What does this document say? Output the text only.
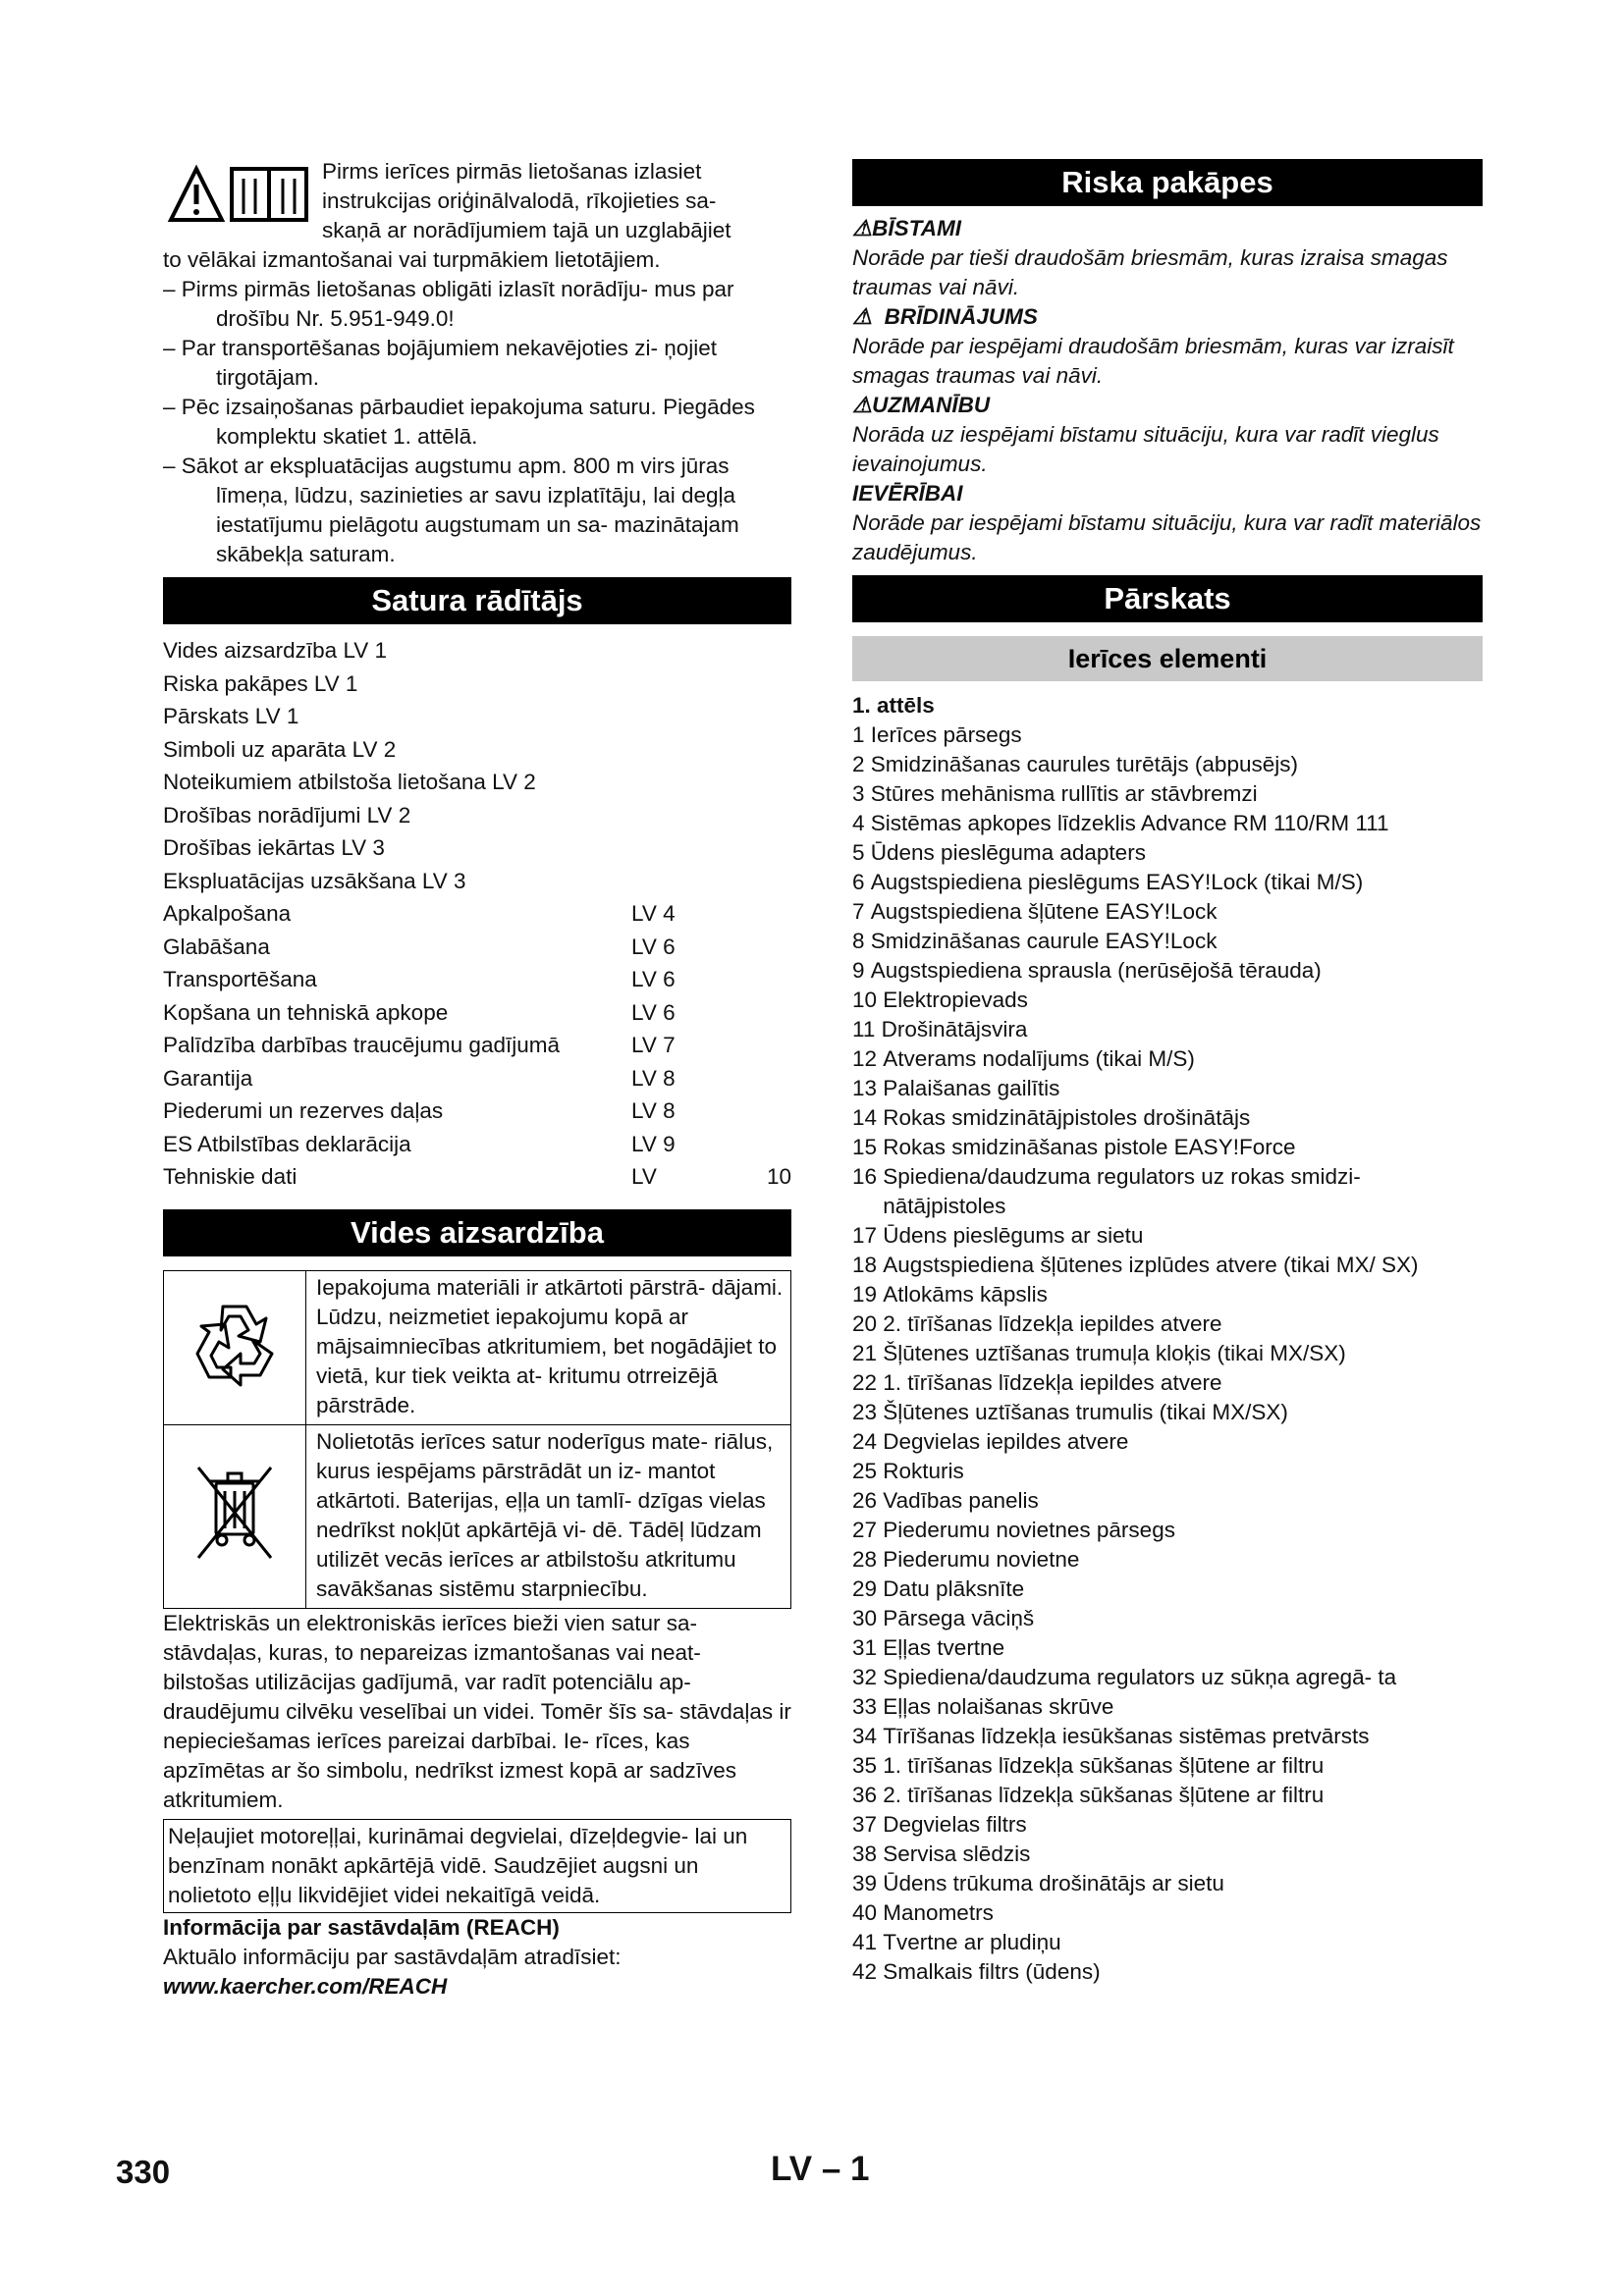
Pirms ierīces pirmās lietošanas izlasiet

instrukcijas oriģinālvalodā, rīkojieties sa-

skaņā ar norādījumiem tajā un uzglabājiet

to vēlākai izmantošanai vai turpmākiem lietotājiem.

– Pirms pirmās lietošanas obligāti izlasīt norādīju- mus par drošību Nr. 5.951-949.0!

– Par transportēšanas bojājumiem nekavējoties zi- ņojiet tirgotājam.

– Pēc izsaiņošanas pārbaudiet iepakojuma saturu. Piegādes komplektu skatiet 1. attēlā.

– Sākot ar ekspluatācijas augstumu apm. 800 m virs jūras līmeņa, lūdzu, sazinieties ar savu izplatītāju, lai degļa iestatījumu pielāgotu augstumam un sa- mazinātajam skābekļa saturam.

Satura rādītājs
Vides aizsardzība LV 1
Riska pakāpes LV 1
Pārskats LV 1
Simboli uz aparāta LV 2
Noteikumiem atbilstoša lietošana LV 2
Drošības norādījumi LV 2
Drošības iekārtas LV 3
Ekspluatācijas uzsākšana LV 3
Apkalpošana	LV 4
Glabāšana	LV 6
Transportēšana	LV 6
Kopšana un tehniskā apkope	LV 6
Palīdzība darbības traucējumu gadījumā	LV 7
Garantija	LV 8
Piederumi un rezerves daļas	LV 8
ES Atbilstības deklarācija	LV 9
Tehniskie dati	LV	10
Vides aizsardzība
	Iepakojuma materiāli ir atkārtoti pārstrā- dājami. Lūdzu, neizmetiet iepakojumu kopā ar mājsaimniecības atkritumiem, bet nogādājiet to vietā, kur tiek veikta at- kritumu otrreizējā pārstrāde.
	Nolietotās ierīces satur noderīgus mate- riālus, kurus iespējams pārstrādāt un iz- mantot atkārtoti. Baterijas, eļļa un tamlī- dzīgas vielas nedrīkst nokļūt apkārtējā vi- dē. Tādēļ lūdzam utilizēt vecās ierīces ar atbilstošu atkritumu savākšanas sistēmu starpniecību.

Elektriskās un elektroniskās ierīces bieži vien satur sa- stāvdaļas, kuras, to nepareizas izmantošanas vai neat- bilstošas utilizācijas gadījumā, var radīt potenciālu ap- draudējumu cilvēku veselībai un videi. Tomēr šīs sa- stāvdaļas ir nepieciešamas ierīces pareizai darbībai. Ie- rīces, kas apzīmētas ar šo simbolu, nedrīkst izmest kopā ar sadzīves atkritumiem.

Neļaujiet motoreļļai, kurināmai degvielai, dīzeļdegvie- lai un benzīnam nonākt apkārtējā vidē. Saudzējiet augsni un nolietoto eļļu likvidējiet videi nekaitīgā veidā.

Informācija par sastāvdaļām (REACH)

Aktuālo informāciju par sastāvdaļām atradīsiet:

www.kaercher.com/REACH

Riska pakāpes
⚠BĪSTAMI
Norāde par tieši draudošām briesmām, kuras izraisa smagas traumas vai nāvi.
⚠  BRĪDINĀJUMS
Norāde par iespējami draudošām briesmām, kuras var izraisīt smagas traumas vai nāvi.
⚠UZMANĪBU
Norāda uz iespējami bīstamu situāciju, kura var radīt vieglus ievainojumus.
IEVĒRĪBAI
Norāde par iespējami bīstamu situāciju, kura var radīt materiālos zaudējumus.
Pārskats
Ierīces elementi
1. attēls
1 Ierīces pārsegs
2 Smidzināšanas caurules turētājs (abpusējs)
3 Stūres mehānisma rullītis ar stāvbremzi
4 Sistēmas apkopes līdzeklis Advance RM 110/RM 111
5 Ūdens pieslēguma adapters
6 Augstspiediena pieslēgums EASY!Lock (tikai M/S)
7 Augstspiediena šļūtene EASY!Lock
8 Smidzināšanas caurule EASY!Lock
9 Augstspiediena sprausla (nerūsējošā tērauda)
10 Elektropievads
11 Drošinātājsvira
12 Atverams nodalījums (tikai M/S)
13 Palaišanas gailītis
14 Rokas smidzinātājpistoles drošinātājs
15 Rokas smidzināšanas pistole EASY!Force
16 Spiediena/daudzuma regulators uz rokas smidzi- nātājpistoles
17 Ūdens pieslēgums ar sietu
18 Augstspiediena šļūtenes izplūdes atvere (tikai MX/ SX)
19 Atlokāms kāpslis
20 2. tīrīšanas līdzekļa iepildes atvere
21 Šļūtenes uztīšanas trumuļa kloķis (tikai MX/SX)
22 1. tīrīšanas līdzekļa iepildes atvere
23 Šļūtenes uztīšanas trumulis (tikai MX/SX)
24 Degvielas iepildes atvere
25 Rokturis
26 Vadības panelis
27 Piederumu novietnes pārsegs
28 Piederumu novietne
29 Datu plāksnīte
30 Pārsega vāciņš
31 Eļļas tvertne
32 Spiediena/daudzuma regulators uz sūkņa agregā- ta
33 Eļļas nolaišanas skrūve
34 Tīrīšanas līdzekļa iesūkšanas sistēmas pretvārsts
35 1. tīrīšanas līdzekļa sūkšanas šļūtene ar filtru
36 2. tīrīšanas līdzekļa sūkšanas šļūtene ar filtru
37 Degvielas filtrs
38 Servisa slēdzis
39 Ūdens trūkuma drošinātājs ar sietu
40 Manometrs
41 Tvertne ar pludiņu
42 Smalkais filtrs (ūdens)
330	LV – 1
